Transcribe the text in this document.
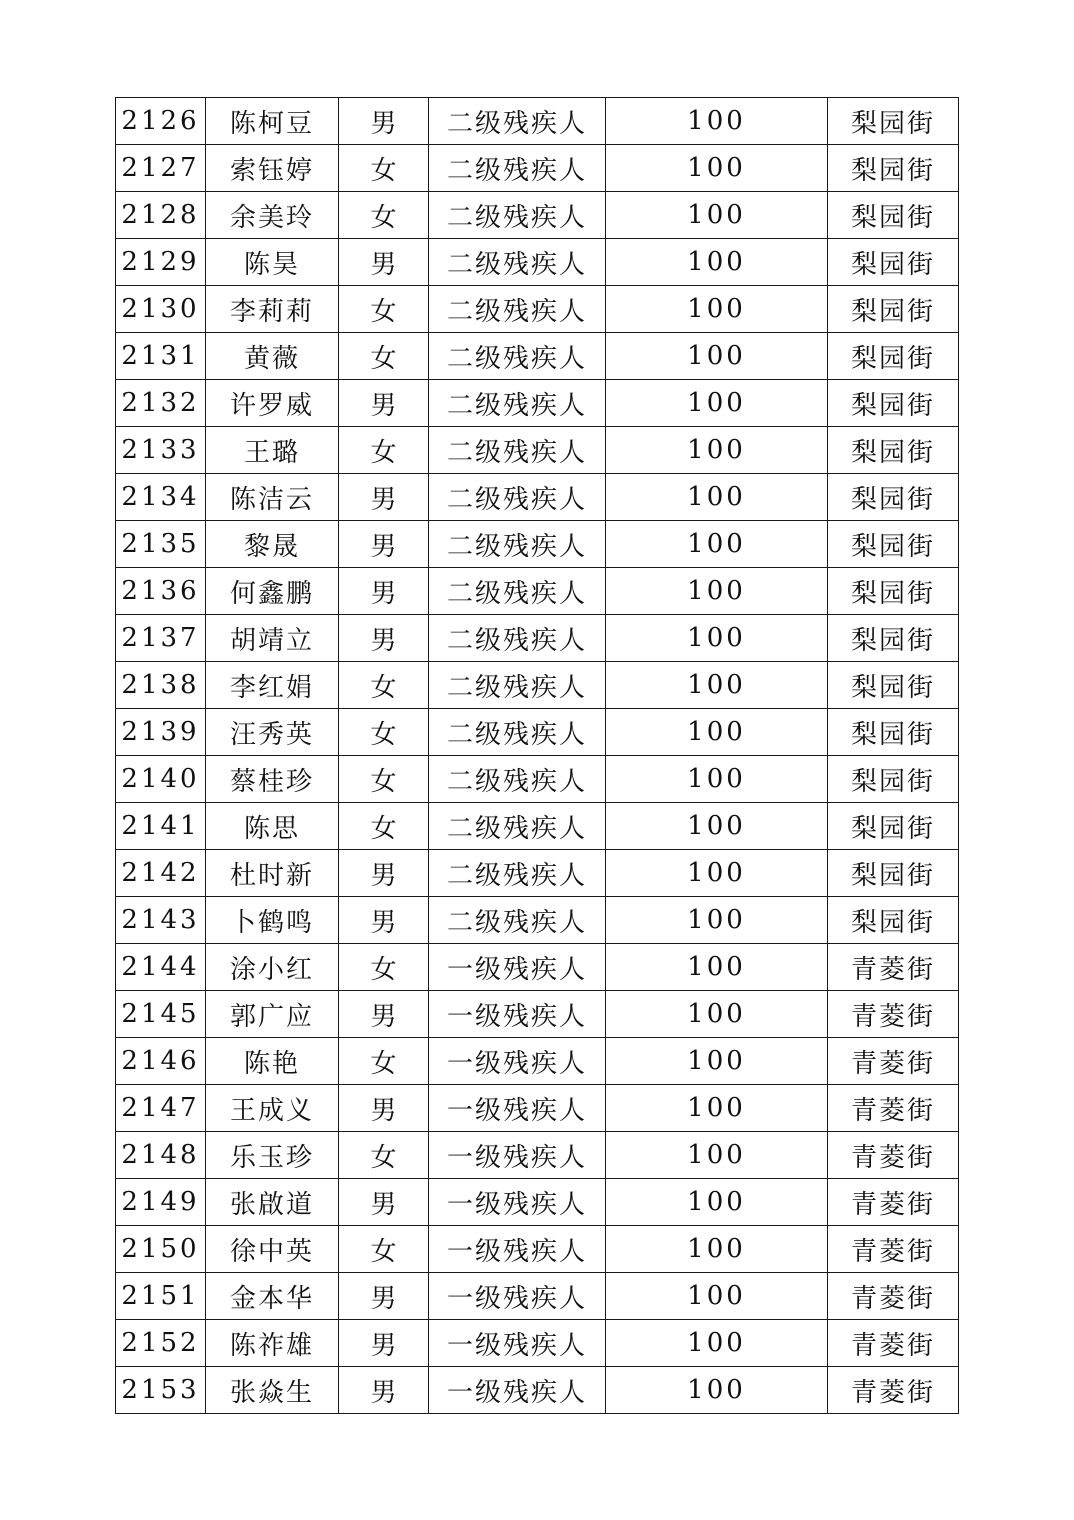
2126	陈柯豆	男	二级残疾人	100	梨园街
2127	索钰婷	女	二级残疾人	100	梨园街
2128	余美玲	女	二级残疾人	100	梨园街
2129	陈昊	男	二级残疾人	100	梨园街
2130	李莉莉	女	二级残疾人	100	梨园街
2131	黄薇	女	二级残疾人	100	梨园街
2132	许罗威	男	二级残疾人	100	梨园街
2133	王璐	女	二级残疾人	100	梨园街
2134	陈洁云	男	二级残疾人	100	梨园街
2135	黎晟	男	二级残疾人	100	梨园街
2136	何鑫鹏	男	二级残疾人	100	梨园街
2137	胡靖立	男	二级残疾人	100	梨园街
2138	李红娟	女	二级残疾人	100	梨园街
2139	汪秀英	女	二级残疾人	100	梨园街
2140	蔡桂珍	女	二级残疾人	100	梨园街
2141	陈思	女	二级残疾人	100	梨园街
2142	杜时新	男	二级残疾人	100	梨园街
2143	卜鹤鸣	男	二级残疾人	100	梨园街
2144	涂小红	女	一级残疾人	100	青菱街
2145	郭广应	男	一级残疾人	100	青菱街
2146	陈艳	女	一级残疾人	100	青菱街
2147	王成义	男	一级残疾人	100	青菱街
2148	乐玉珍	女	一级残疾人	100	青菱街
2149	张啟道	男	一级残疾人	100	青菱街
2150	徐中英	女	一级残疾人	100	青菱街
2151	金本华	男	一级残疾人	100	青菱街
2152	陈祚雄	男	一级残疾人	100	青菱街
2153	张焱生	男	一级残疾人	100	青菱街
